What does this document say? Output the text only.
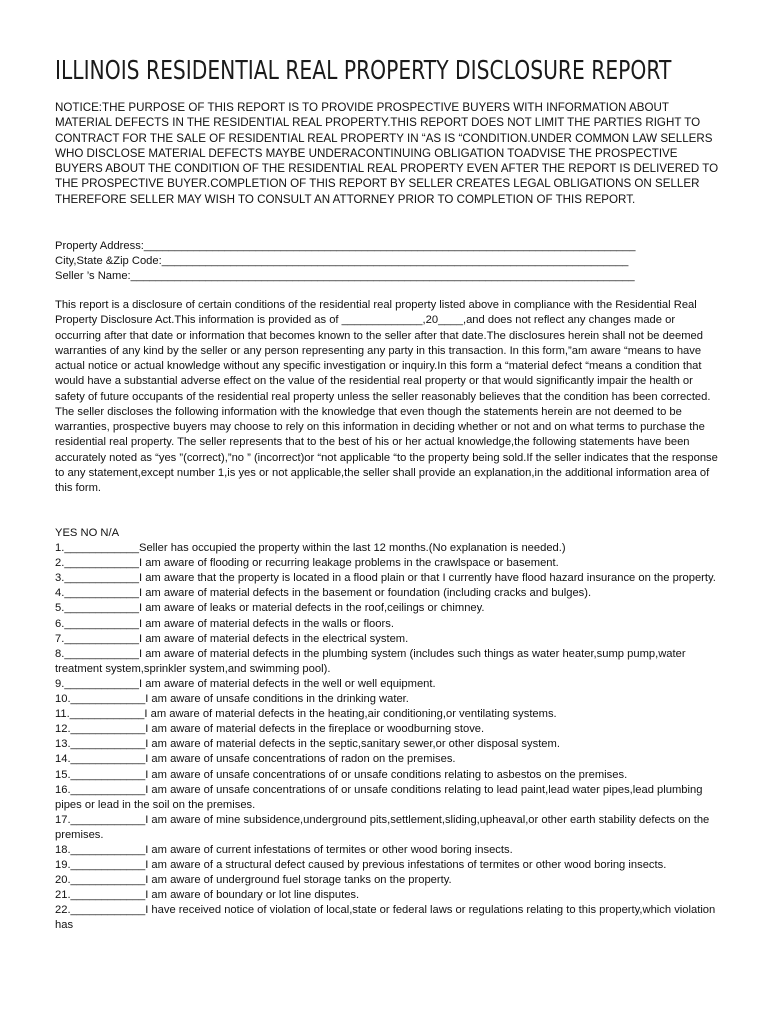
ILLINOIS RESIDENTIAL REAL PROPERTY DISCLOSURE REPORT
NOTICE:THE PURPOSE OF THIS REPORT IS TO PROVIDE PROSPECTIVE BUYERS WITH INFORMATION ABOUT MATERIAL DEFECTS IN THE RESIDENTIAL REAL PROPERTY.THIS REPORT DOES NOT LIMIT THE PARTIES RIGHT TO CONTRACT FOR THE SALE OF RESIDENTIAL REAL PROPERTY IN “AS IS “CONDITION.UNDER COMMON LAW SELLERS WHO DISCLOSE MATERIAL DEFECTS MAYBE UNDERACONTINUING OBLIGATION TOADVISE THE PROSPECTIVE BUYERS ABOUT THE CONDITION OF THE RESIDENTIAL REAL PROPERTY EVEN AFTER THE REPORT IS DELIVERED TO THE PROSPECTIVE BUYER.COMPLETION OF THIS REPORT BY SELLER CREATES LEGAL OBLIGATIONS ON SELLER THEREFORE SELLER MAY WISH TO CONSULT AN ATTORNEY PRIOR TO COMPLETION OF THIS REPORT.
Property Address:_______________________________________________________________________________
City,State &Zip Code:___________________________________________________________________________
Seller ’s Name:_________________________________________________________________________________
This report is a disclosure of certain conditions of the residential real property listed above in compliance with the Residential Real Property Disclosure Act.This information is provided as of _____________,20____,and does not reflect any changes made or occurring after that date or information that becomes known to the seller after that date.The disclosures herein shall not be deemed warranties of any kind by the seller or any person representing any party in this transaction. In this form,”am aware “means to have actual notice or actual knowledge without any specific investigation or inquiry.In this form a “material defect “means a condition that would have a substantial adverse effect on the value of the residential real property or that would significantly impair the health or safety of future occupants of the residential real property unless the seller reasonably believes that the condition has been corrected. The seller discloses the following information with the knowledge that even though the statements herein are not deemed to be warranties, prospective buyers may choose to rely on this information in deciding whether or not and on what terms to purchase the residential real property. The seller represents that to the best of his or her actual knowledge,the following statements have been accurately noted as “yes ”(correct),”no ” (incorrect)or “not applicable “to the property being sold.If the seller indicates that the response to any statement,except number 1,is yes or not applicable,the seller shall provide an explanation,in the additional information area of this form.
YES NO N/A
1.____________Seller has occupied the property within the last 12 months.(No explanation is needed.)
2.____________I am aware of flooding or recurring leakage problems in the crawlspace or basement.
3.____________I am aware that the property is located in a flood plain or that I currently have flood hazard insurance on the property.
4.____________I am aware of material defects in the basement or foundation (including cracks and bulges).
5.____________I am aware of leaks or material defects in the roof,ceilings or chimney.
6.____________I am aware of material defects in the walls or floors.
7.____________I am aware of material defects in the electrical system.
8.____________I am aware of material defects in the plumbing system (includes such things as water heater,sump pump,water treatment system,sprinkler system,and swimming pool).
9.____________I am aware of material defects in the well or well equipment.
10.____________I am aware of unsafe conditions in the drinking water.
11.____________I am aware of material defects in the heating,air conditioning,or ventilating systems.
12.____________I am aware of material defects in the fireplace or woodburning stove.
13.____________I am aware of material defects in the septic,sanitary sewer,or other disposal system.
14.____________I am aware of unsafe concentrations of radon on the premises.
15.____________I am aware of unsafe concentrations of or unsafe conditions relating to asbestos on the premises.
16.____________I am aware of unsafe concentrations of or unsafe conditions relating to lead paint,lead water pipes,lead plumbing pipes or lead in the soil on the premises.
17.____________I am aware of mine subsidence,underground pits,settlement,sliding,upheaval,or other earth stability defects on the premises.
18.____________I am aware of current infestations of termites or other wood boring insects.
19.____________I am aware of a structural defect caused by previous infestations of termites or other wood boring insects.
20.____________I am aware of underground fuel storage tanks on the property.
21.____________I am aware of boundary or lot line disputes.
22.____________I have received notice of violation of local,state or federal laws or regulations relating to this property,which violation has
